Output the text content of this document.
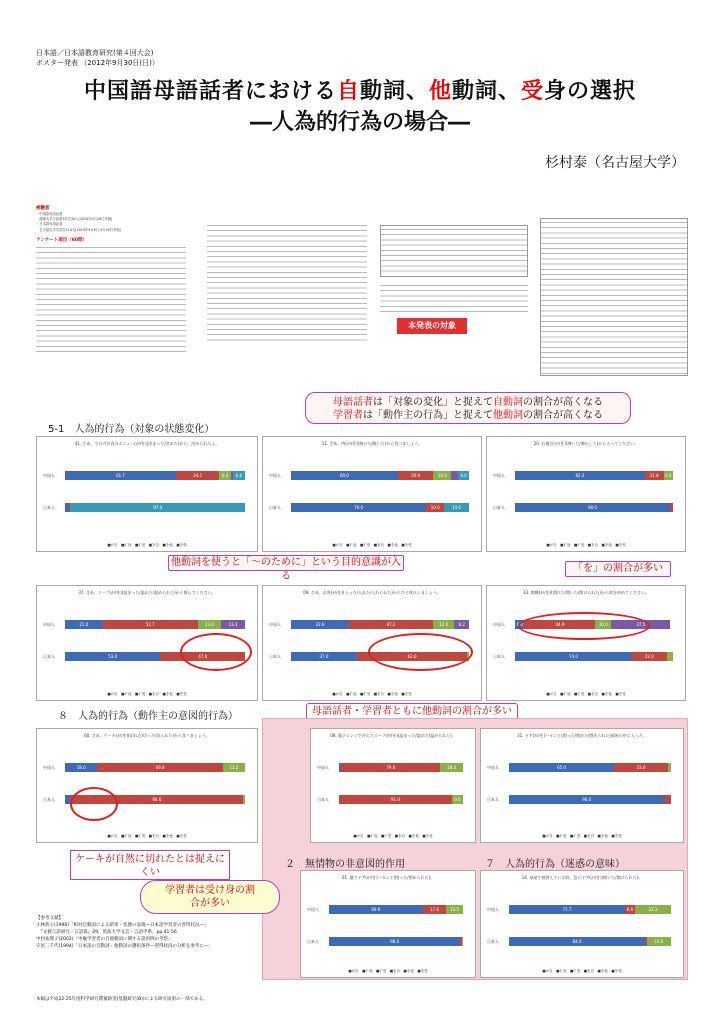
日本語／日本語教育研究(第４回大会)
ポスター発表 （2012年9月30日(日)）
中国語母語話者における自動詞、他動詞、受身の選択
―人為的行為の場合―
杉村泰（名古屋大学）
被験者
・中国語母語話者
　湖南大学日語系3年生50人(2010年5月28日実施)
・日本語母語話者
　名古屋大学学部生114人(2010年5月8日,5月10日実施)
アンケート項目（60問）
本発表の対象
母語話者は「対象の変化」と捉えて自動詞の割合が高くなる
学習者は「動作主の行為」と捉えて他動詞の割合が高くなる
5-1　人為的行為（対象の状態変化）
41. さあ、今日の夕食のメニュー(が/を)(決まった/決めた)から、決められたよ。
中国人	61.7	24.1	6.4	6.8
日本人	97.0
■が自　■ｶﾞ他　■ｶﾞ受　■を自　■を他　■を受
11. さあ、肉(が/を)(焼けた/焼いた)から食べましょう。
中国人	60.0	20.0	10.0	6.0
日本人	76.0	10.0	14.0
■が自　■ｶﾞ他　■ｶﾞ受　■を自　■を他　■を受
20. お風呂(が/を)(沸いた/沸かした)から入ってください。
中国人	82.2	11.8	6.0
日本人	98.0
■が自　■ｶﾞ他　■ｶﾞ受　■を自　■を他　■を受
他動詞を使うと「～のために」という目的意識が入る
「を」の割合が多い
37. さあ、スープ(が/を)(温まった/温めた/温められた)から飲んでください。
中国人	21.0	52.7	13.0	13.3
日本人	53.0	47.0
■が自　■ｶﾞ他　■ｶﾞ受　■を自　■を他　■を受
09. さあ、お茶(が/を)(入った/入れた/入れられた)からひと休みしましょう。
中国人	32.6	47.2	12.0	8.2
日本人	37.0	62.0
■が自　■ｶﾞ他　■ｶﾞ受　■を自　■を他　■を受
33. 間隣(が/を)(開けた/開いた/開けられた)から車を停めてください。
中国人	6.0	44.9	10.0	37.5
日本人	74.0	22.0
■が自　■ｶﾞ他　■ｶﾞ受　■を自　■を他　■を受
８　人為的行為（動作主の意図的行為）	母語話者・学習者ともに他動詞の割合が多い
60. さあ、ケーキ(が/を)(切れた/切った/切られた)から食べましょう。
中国人	18.0	69.8	12.2
日本人	96.0
■が自　■ｶﾞ他　■ｶﾞ受　■を自　■を他　■を受
08. 電子レンジで冷えたスープ(が/を)(温まった/温めた/温められた)。
中国人	79.6	18.4
日本人	91.0	9.0
■が自　■ｶﾞ他　■ｶﾞ受　■を自　■を他　■を受
31. ドア(が/を)バタンと(閉った/閉めた/閉められた)部屋の中に入った。
中国人	65.0	33.0
日本人	96.0
■が自　■ｶﾞ他　■ｶﾞ受　■を自　■を他　■を受
ケーキが自然に切れたとは捉えにくい
学習者は受け身の割合が多い
２　無情物の非意図的作用	７　人為的行為（迷惑の意味）
01. 風でドア(が/を)バタンと(閉った/閉められた)。
中国人	69.9	17.6	12.5
日本人	98.0
■が自　■ｶﾞ他　■ｶﾞ受　■を自　■を他　■を受
14. 部屋で着替えている時、急にドア(が/を)(開いた/開けられた)。
中国人	71.7	6.0	22.3
日本人	84.0	15.0
■が自　■ｶﾞ他　■ｶﾞ受　■を自　■を他　■を受
【参考文献】
小林典子(1996)「相対自動詞による結果・状態の表現―日本語学習者の習得状況―」
　『文藝言語研究・言語篇』29，筑波大学文芸・言語学系，pp.41-56
中村祐理子(2002)「中級学習者の自他動詞に関する誤用例の考察」
守屋三千代(1994)「日本語の自動詞・他動詞の選択条件―習得状況の分析を参考に―」
本稿は平成22-25年度科学研究費補助金(基盤研究(B))による研究成果の一部である。
